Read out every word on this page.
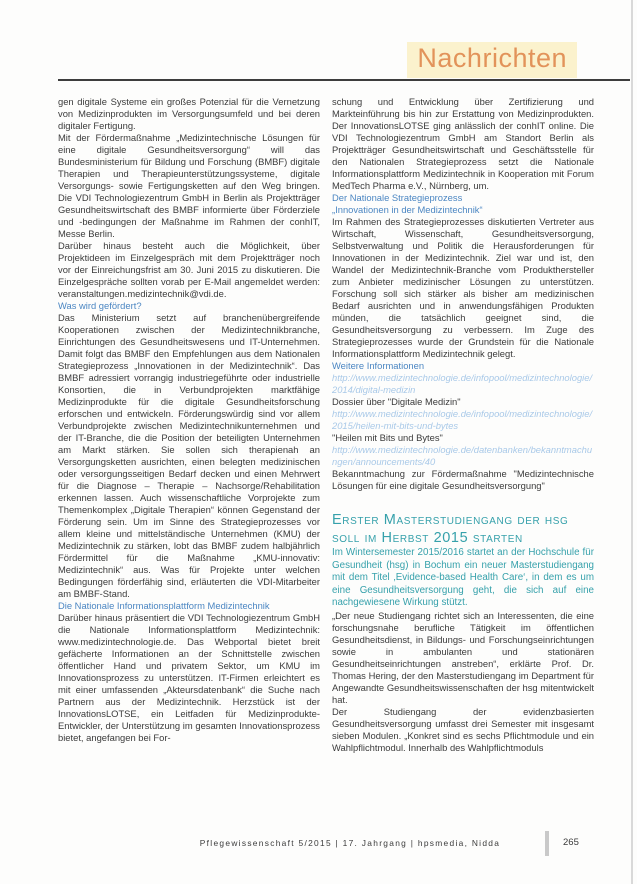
Nachrichten

gen digitale Systeme ein großes Potenzial für die Vernetzung von Medizinprodukten im Versorgungsumfeld und bei deren digitaler Fertigung.

Mit der Fördermaßnahme „Medizintechnische Lösungen für eine digitale Gesundheitsversorgung“ will das Bundesministerium für Bildung und Forschung (BMBF) digitale Therapien und Therapieunterstützungssysteme, digitale Versorgungs- sowie Fertigungsketten auf den Weg bringen. Die VDI Technologiezentrum GmbH in Berlin als Projektträger Gesundheitswirtschaft des BMBF informierte über Förderziele und -bedingungen der Maßnahme im Rahmen der conhIT, Messe Berlin.

Darüber hinaus besteht auch die Möglichkeit, über Projektideen im Einzelgespräch mit dem Projektträger noch vor der Einreichungsfrist am 30. Juni 2015 zu diskutieren. Die Einzelgespräche sollten vorab per E-Mail angemeldet werden: veranstaltungen.medizintechnik@vdi.de.

Was wird gefördert?

Das Ministerium setzt auf branchenübergreifende Kooperationen zwischen der Medizintechnikbranche, Einrichtungen des Gesundheitswesens und IT-Unternehmen. Damit folgt das BMBF den Empfehlungen aus dem Nationalen Strategieprozess „Innovationen in der Medizintechnik“. Das BMBF adressiert vorrangig industriegeführte oder industrielle Konsortien, die in Verbundprojekten marktfähige Medizinprodukte für die digitale Gesundheitsforschung erforschen und entwickeln. Förderungswürdig sind vor allem Verbundprojekte zwischen Medizintechnikunternehmen und der IT-Branche, die die Position der beteiligten Unternehmen am Markt stärken. Sie sollen sich therapienah an Versorgungsketten ausrichten, einen belegten medizinischen oder versorgungsseitigen Bedarf decken und einen Mehrwert für die Diagnose – Therapie – Nachsorge/Rehabilitation erkennen lassen. Auch wissenschaftliche Vorprojekte zum Themenkomplex „Digitale Therapien“ können Gegenstand der Förderung sein. Um im Sinne des Strategieprozesses vor allem kleine und mittelständische Unternehmen (KMU) der Medizintechnik zu stärken, lobt das BMBF zudem halbjährlich Fördermittel für die Maßnahme „KMU-innovativ: Medizintechnik“ aus. Was für Projekte unter welchen Bedingungen förderfähig sind, erläuterten die VDI-Mitarbeiter am BMBF-Stand.

Die Nationale Informationsplattform Medizintechnik

Darüber hinaus präsentiert die VDI Technologiezentrum GmbH die Nationale Informationsplattform Medizintechnik: www.medizintechnologie.de. Das Webportal bietet breit gefächerte Informationen an der Schnittstelle zwischen öffentlicher Hand und privatem Sektor, um KMU im Innovationsprozess zu unterstützen. IT-Firmen erleichtert es mit einer umfassenden „Akteursdatenbank“ die Suche nach Partnern aus der Medizintechnik. Herzstück ist der InnovationsLOTSE, ein Leitfaden für Medizinprodukte-Entwickler, der Unterstützung im gesamten Innovationsprozess bietet, angefangen bei For-

schung und Entwicklung über Zertifizierung und Markteinführung bis hin zur Erstattung von Medizinprodukten. Der InnovationsLOTSE ging anlässlich der conhIT online. Die VDI Technologiezentrum GmbH am Standort Berlin als Projektträger Gesundheitswirtschaft und Geschäftsstelle für den Nationalen Strategieprozess setzt die Nationale Informationsplattform Medizintechnik in Kooperation mit Forum MedTech Pharma e.V., Nürnberg, um.

Der Nationale Strategieprozess
„Innovationen in der Medizintechnik“

Im Rahmen des Strategieprozesses diskutierten Vertreter aus Wirtschaft, Wissenschaft, Gesundheitsversorgung, Selbstverwaltung und Politik die Herausforderungen für Innovationen in der Medizintechnik. Ziel war und ist, den Wandel der Medizintechnik-Branche vom Produkthersteller zum Anbieter medizinischer Lösungen zu unterstützen. Forschung soll sich stärker als bisher am medizinischen Bedarf ausrichten und in anwendungsfähigen Produkten münden, die tatsächlich geeignet sind, die Gesundheitsversorgung zu verbessern. Im Zuge des Strategieprozesses wurde der Grundstein für die Nationale Informationsplattform Medizintechnik gelegt.

Weitere Informationen

http://www.medizintechnologie.de/infopool/medizintechnologie/2014/digital-medizin
Dossier über "Digitale Medizin"
http://www.medizintechnologie.de/infopool/medizintechnologie/2015/heilen-mit-bits-und-bytes
"Heilen mit Bits und Bytes"
http://www.medizintechnologie.de/datenbanken/bekanntmachungen/announcements/40
Bekanntmachung zur Fördermaßnahme "Medizintechnische Lösungen für eine digitale Gesundheitsversorgung"
Erster Masterstudiengang der hsg
soll im Herbst 2015 starten

Im Wintersemester 2015/2016 startet an der Hochschule für Gesundheit (hsg) in Bochum ein neuer Masterstudiengang mit dem Titel ‚Evidence-based Health Care‘, in dem es um eine Gesundheitsversorgung geht, die sich auf eine nachgewiesene Wirkung stützt.

„Der neue Studiengang richtet sich an Interessenten, die eine forschungsnahe berufliche Tätigkeit im öffentlichen Gesundheitsdienst, in Bildungs- und Forschungseinrichtungen sowie in ambulanten und stationären Gesundheitseinrichtungen anstreben“, erklärte Prof. Dr. Thomas Hering, der den Masterstudiengang im Department für Angewandte Gesundheitswissenschaften der hsg mitentwickelt hat.

Der Studiengang der evidenzbasierten Gesundheitsversorgung umfasst drei Semester mit insgesamt sieben Modulen. „Konkret sind es sechs Pflichtmodule und ein Wahlpflichtmodul. Innerhalb des Wahlpflichtmoduls

Pflegewissenschaft 5/2015 | 17. Jahrgang | hpsmedia, Nidda	265
